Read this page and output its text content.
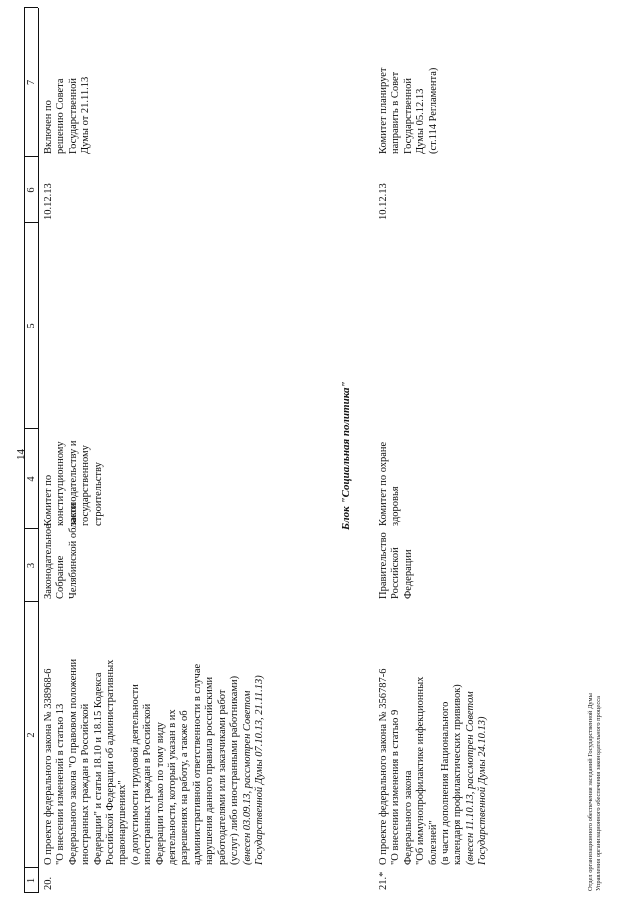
14
1
2
3
4
5
6
7
20.
О проекте федерального закона № 338968-6 "О внесении изменений в статью 13 Федерального закона "О правовом положении иностранных граждан в Российской Федерации" и статьи 18.10 и 18.15 Кодекса Российской Федерации об административных правонарушениях" (о допустимости трудовой деятельности иностранных граждан в Российской Федерации только по тому виду деятельности, который указан в их разрешениях на работу, а также об административной ответственности в случае нарушения данного правила российскими работодателями или заказчиками работ (услуг) либо иностранными работниками) (внесен 03.09.13, рассмотрен Советом Государственной Думы 07.10.13, 21.11.13)
Законодательное Собрание Челябинской области
Комитет по конституционному законодательству и государственному строительству
10.12.13
Включен по решению Совета Государственной Думы от 21.11.13
Блок "Социальная политика"
21.*
О проекте федерального закона № 356787-6 "О внесении изменения в статью 9 Федерального закона "Об иммунопрофилактике инфекционных болезней" (в части дополнения Национального календаря профилактических прививок) (внесен 11.10.13, рассмотрен Советом Государственной Думы 24.10.13)
Правительство Российской Федерации
Комитет по охране здоровья
10.12.13
Комитет планирует направить в Совет Государственной Думы 05.12.13 (ст.114 Регламента)
Отдел организационного обеспечения заседаний Государственной Думы Управления организационного обеспечения законодательного процесса
